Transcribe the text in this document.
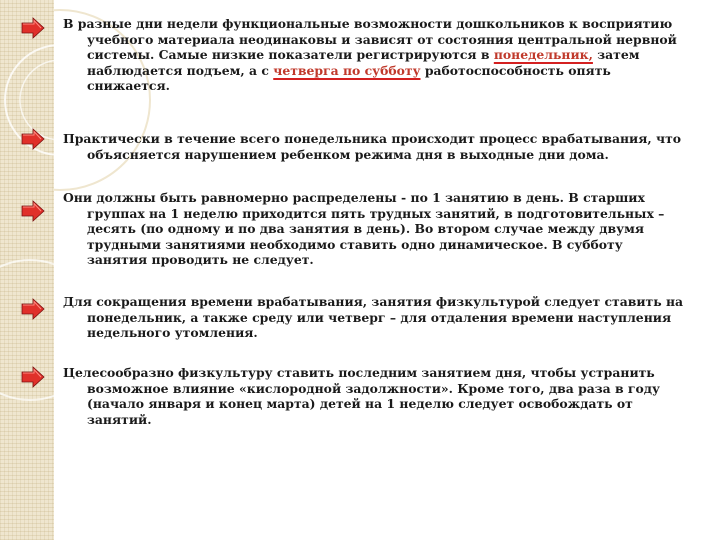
В разные дни недели функциональные возможности дошкольников к восприятию
учебного материала неодинаковы и зависят от состояния центральной нервной
системы. Самые низкие показатели регистрируются в понедельник, затем
наблюдается подъем, а с четверга по субботу работоспособность опять
снижается.
Практически в течение всего понедельника происходит процесс врабатывания, что
объясняется нарушением ребенком режима дня в выходные дни дома.
Они должны быть равномерно распределены - по 1 занятию в день. В старших
группах на 1 неделю приходится пять трудных занятий, в подготовительных –
десять (по одному и по два занятия в день). Во втором случае между двумя
трудными занятиями необходимо ставить одно динамическое. В субботу
занятия проводить не следует.
Для сокращения времени врабатывания, занятия физкультурой следует ставить на
понедельник, а также среду или четверг – для отдаления времени наступления
недельного утомления.
Целесообразно физкультуру ставить последним занятием дня, чтобы устранить
возможное влияние «кислородной задолжности». Кроме того, два раза в году
(начало января и конец марта) детей на 1 неделю следует освобождать от
занятий.
